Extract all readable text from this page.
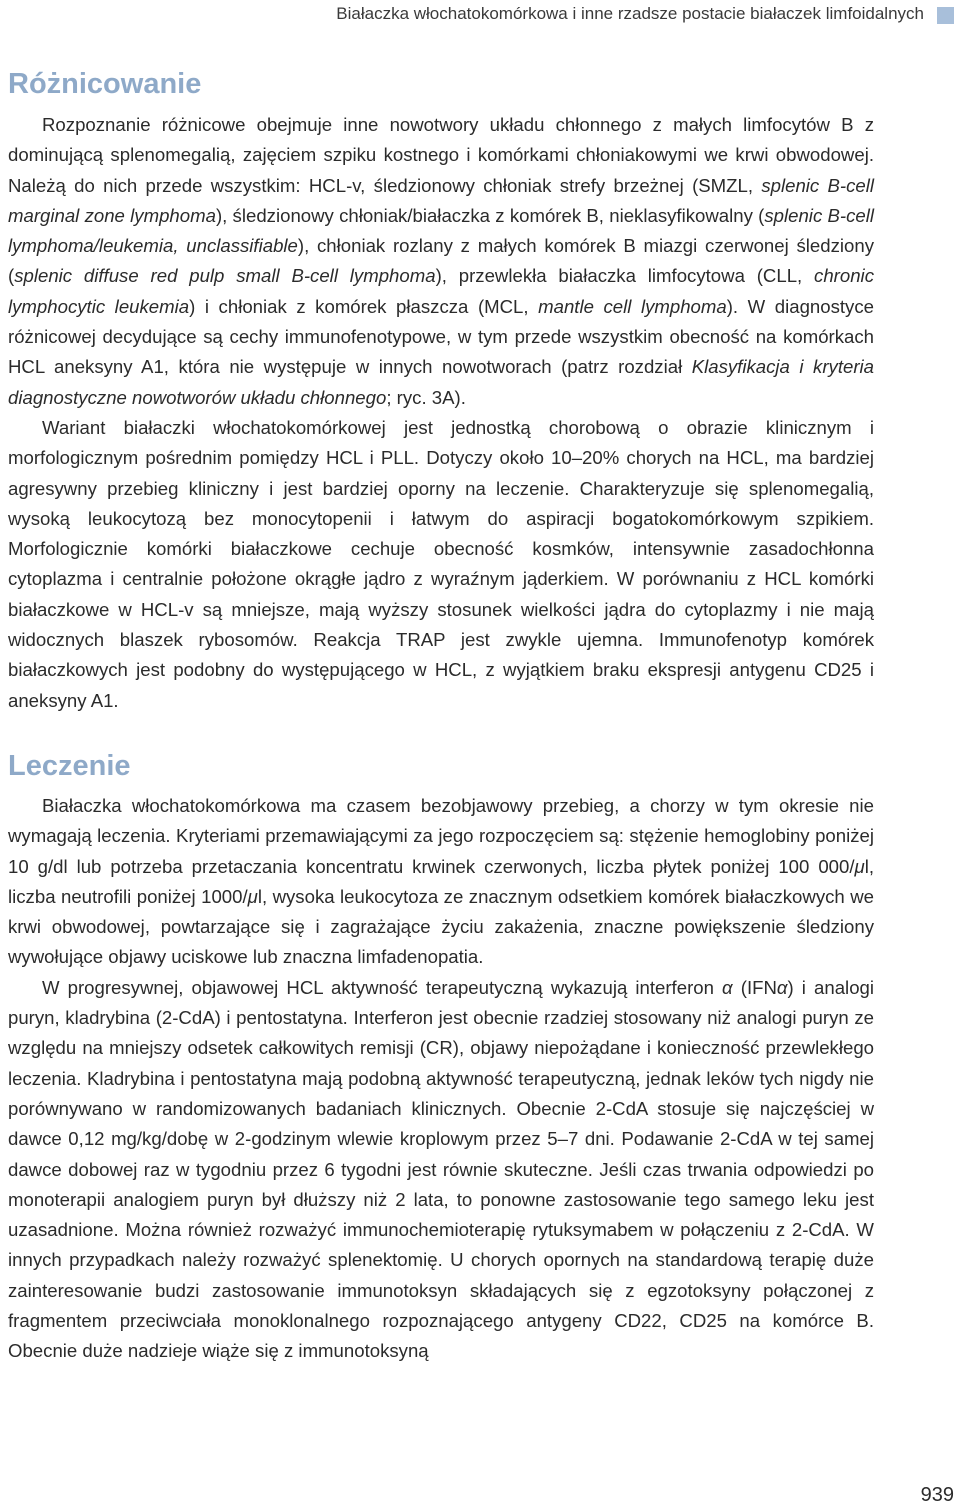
Białaczka włochatokomórkowa i inne rzadsze postacie białaczek limfoidalnych
Różnicowanie

Rozpoznanie różnicowe obejmuje inne nowotwory układu chłonnego z małych limfocytów B z dominującą splenomegalią, zajęciem szpiku kostnego i komórkami chłoniakowymi we krwi obwodowej. Należą do nich przede wszystkim: HCL-v, śledzionowy chłoniak strefy brzeżnej (SMZL, splenic B-cell marginal zone lymphoma), śledzionowy chłoniak/białaczka z komórek B, nieklasyfikowalny (splenic B-cell lymphoma/leukemia, unclassifiable), chłoniak rozlany z małych komórek B miazgi czerwonej śledziony (splenic diffuse red pulp small B-cell lymphoma), przewlekła białaczka limfocytowa (CLL, chronic lymphocytic leukemia) i chłoniak z komórek płaszcza (MCL, mantle cell lymphoma). W diagnostyce różnicowej decydujące są cechy immunofenotypowe, w tym przede wszystkim obecność na komórkach HCL aneksyny A1, która nie występuje w innych nowotworach (patrz rozdział Klasyfikacja i kryteria diagnostyczne nowotworów układu chłonnego; ryc. 3A).

Wariant białaczki włochatokomórkowej jest jednostką chorobową o obrazie klinicznym i morfologicznym pośrednim pomiędzy HCL i PLL. Dotyczy około 10–20% chorych na HCL, ma bardziej agresywny przebieg kliniczny i jest bardziej oporny na leczenie. Charakteryzuje się splenomegalią, wysoką leukocytozą bez monocytopenii i łatwym do aspiracji bogatokomórkowym szpikiem. Morfologicznie komórki białaczkowe cechuje obecność kosmków, intensywnie zasadochłonna cytoplazma i centralnie położone okrągłe jądro z wyraźnym jąderkiem. W porównaniu z HCL komórki białaczkowe w HCL-v są mniejsze, mają wyższy stosunek wielkości jądra do cytoplazmy i nie mają widocznych blaszek rybosomów. Reakcja TRAP jest zwykle ujemna. Immunofenotyp komórek białaczkowych jest podobny do występującego w HCL, z wyjątkiem braku ekspresji antygenu CD25 i aneksyny A1.

Leczenie

Białaczka włochatokomórkowa ma czasem bezobjawowy przebieg, a chorzy w tym okresie nie wymagają leczenia. Kryteriami przemawiającymi za jego rozpoczęciem są: stężenie hemoglobiny poniżej 10 g/dl lub potrzeba przetaczania koncentratu krwinek czerwonych, liczba płytek poniżej 100 000/μl, liczba neutrofili poniżej 1000/μl, wysoka leukocytoza ze znacznym odsetkiem komórek białaczkowych we krwi obwodowej, powtarzające się i zagrażające życiu zakażenia, znaczne powiększenie śledziony wywołujące objawy uciskowe lub znaczna limfadenopatia.

W progresywnej, objawowej HCL aktywność terapeutyczną wykazują interferon α (IFNα) i analogi puryn, kladrybina (2-CdA) i pentostatyna. Interferon jest obecnie rzadziej stosowany niż analogi puryn ze względu na mniejszy odsetek całkowitych remisji (CR), objawy niepożądane i konieczność przewlekłego leczenia. Kladrybina i pentostatyna mają podobną aktywność terapeutyczną, jednak leków tych nigdy nie porównywano w randomizowanych badaniach klinicznych. Obecnie 2-CdA stosuje się najczęściej w dawce 0,12 mg/kg/dobę w 2-godzinym wlewie kroplowym przez 5–7 dni. Podawanie 2-CdA w tej samej dawce dobowej raz w tygodniu przez 6 tygodni jest równie skuteczne. Jeśli czas trwania odpowiedzi po monoterapii analogiem puryn był dłuższy niż 2 lata, to ponowne zastosowanie tego samego leku jest uzasadnione. Można również rozważyć immunochemioterapię rytuksymabem w połączeniu z 2-CdA. W innych przypadkach należy rozważyć splenektomię. U chorych opornych na standardową terapię duże zainteresowanie budzi zastosowanie immunotoksyn składających się z egzotoksyny połączonej z fragmentem przeciwciała monoklonalnego rozpoznającego antygeny CD22, CD25 na komórce B. Obecnie duże nadzieje wiąże się z immunotoksyną

939
